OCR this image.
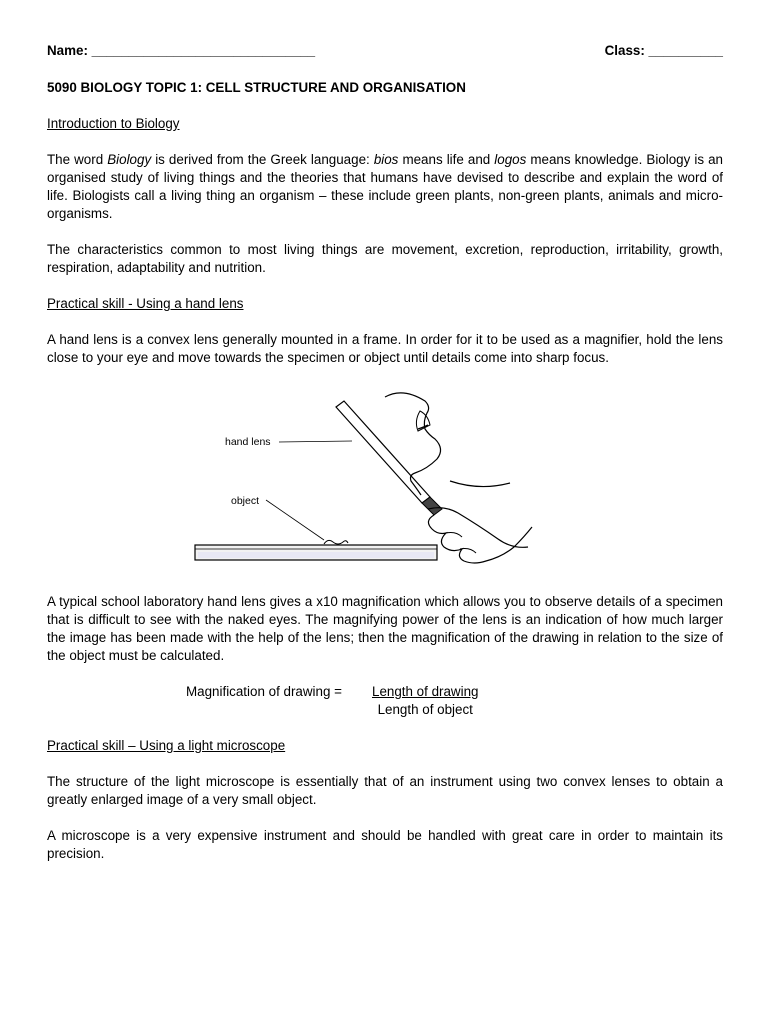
Name: ______________________________	Class: __________
5090 BIOLOGY TOPIC 1: CELL STRUCTURE AND ORGANISATION
Introduction to Biology

The word Biology is derived from the Greek language: bios means life and logos means knowledge. Biology is an organised study of living things and the theories that humans have devised to describe and explain the word of life. Biologists call a living thing an organism – these include green plants, non-green plants, animals and micro-organisms.

The characteristics common to most living things are movement, excretion, reproduction, irritability, growth, respiration, adaptability and nutrition.

Practical skill - Using a hand lens

A hand lens is a convex lens generally mounted in a frame. In order for it to be used as a magnifier, hold the lens close to your eye and move towards the specimen or object until details come into sharp focus.

hand lens
object

A typical school laboratory hand lens gives a x10 magnification which allows you to observe details of a specimen that is difficult to see with the naked eyes. The magnifying power of the lens is an indication of how much larger the image has been made with the help of the lens; then the magnification of the drawing in relation to the size of the object must be calculated.

Magnification of drawing =	$\frac{\text{Length of drawing}}{\text{Length of object}}$
Practical skill – Using a light microscope

The structure of the light microscope is essentially that of an instrument using two convex lenses to obtain a greatly enlarged image of a very small object.

A microscope is a very expensive instrument and should be handled with great care in order to maintain its precision.
